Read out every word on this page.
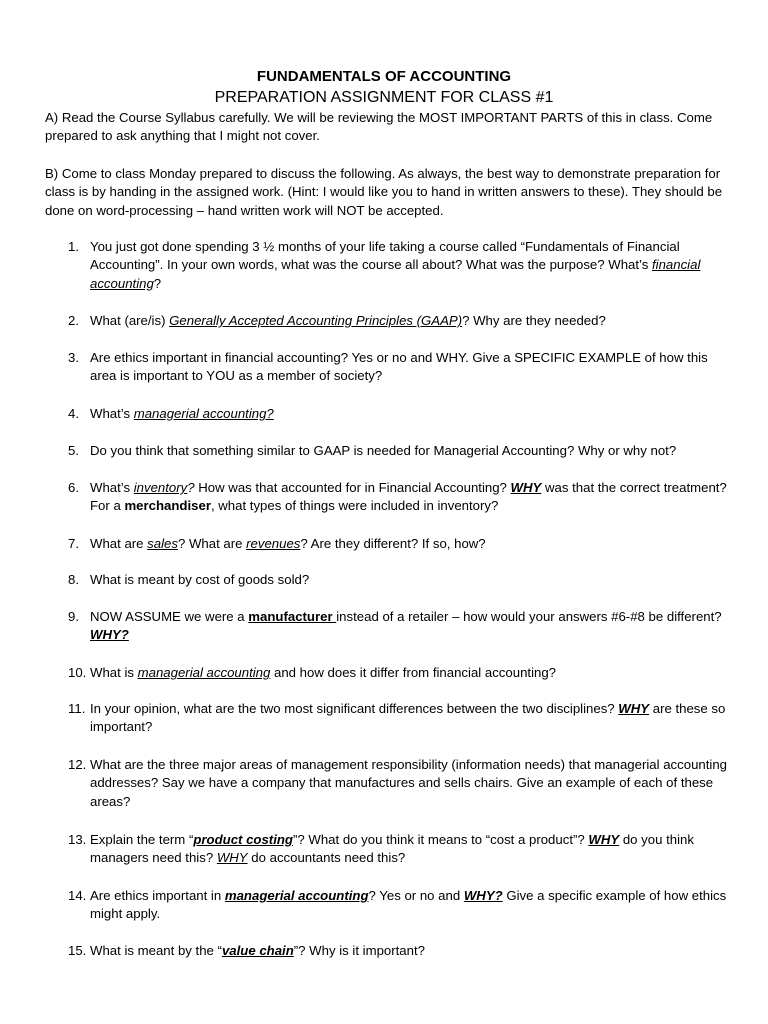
FUNDAMENTALS OF ACCOUNTING
PREPARATION ASSIGNMENT FOR CLASS #1

A) Read the Course Syllabus carefully. We will be reviewing the MOST IMPORTANT PARTS of this in class. Come prepared to ask anything that I might not cover.

B) Come to class Monday prepared to discuss the following. As always, the best way to demonstrate preparation for class is by handing in the assigned work. (Hint: I would like you to hand in written answers to these). They should be done on word-processing – hand written work will NOT be accepted.

1. You just got done spending 3 ½ months of your life taking a course called “Fundamentals of Financial Accounting”. In your own words, what was the course all about? What was the purpose? What’s financial accounting?
2. What (are/is) Generally Accepted Accounting Principles (GAAP)? Why are they needed?
3. Are ethics important in financial accounting? Yes or no and WHY. Give a SPECIFIC EXAMPLE of how this area is important to YOU as a member of society?
4. What’s managerial accounting?
5. Do you think that something similar to GAAP is needed for Managerial Accounting? Why or why not?
6. What’s inventory? How was that accounted for in Financial Accounting? WHY was that the correct treatment? For a merchandiser, what types of things were included in inventory?
7. What are sales? What are revenues? Are they different? If so, how?
8. What is meant by cost of goods sold?
9. NOW ASSUME we were a manufacturer instead of a retailer – how would your answers #6-#8 be different? WHY?
10. What is managerial accounting and how does it differ from financial accounting?
11. In your opinion, what are the two most significant differences between the two disciplines? WHY are these so important?
12. What are the three major areas of management responsibility (information needs) that managerial accounting addresses? Say we have a company that manufactures and sells chairs. Give an example of each of these areas?
13. Explain the term “product costing”? What do you think it means to “cost a product”? WHY do you think managers need this? WHY do accountants need this?
14. Are ethics important in managerial accounting? Yes or no and WHY? Give a specific example of how ethics might apply.
15. What is meant by the “value chain”? Why is it important?
